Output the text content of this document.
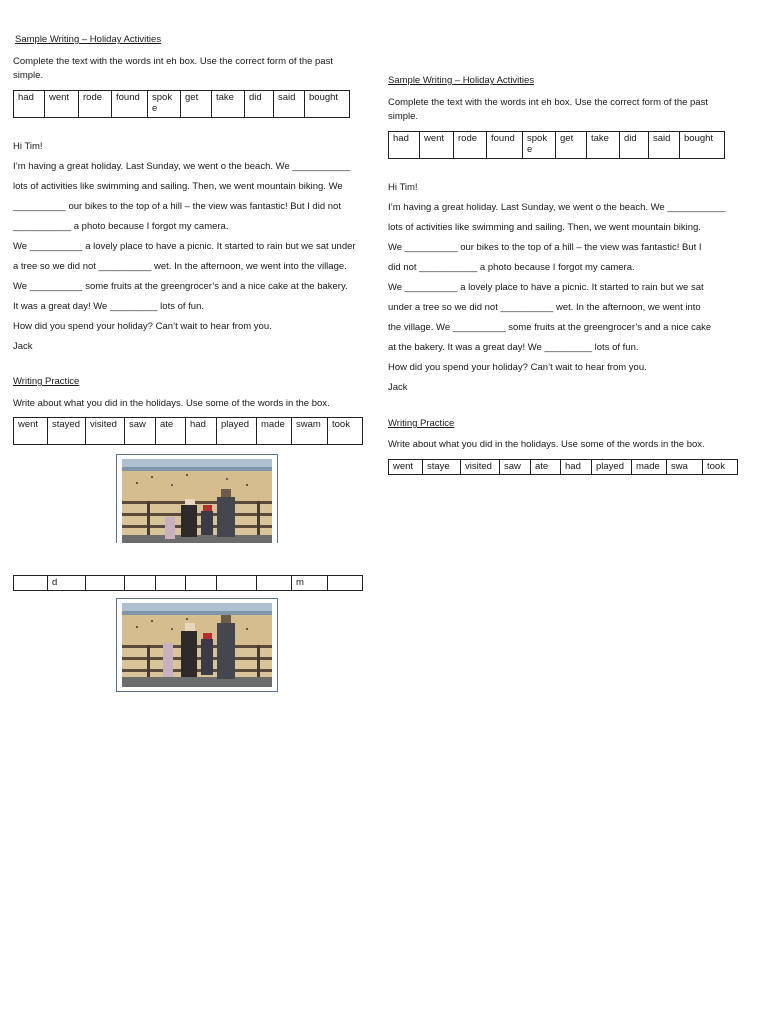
Sample Writing – Holiday Activities
Complete the text with the words int eh box. Use the correct form of the past
simple.
had	went	rode	found	spoke	get	take	did	said	bought
Hi Tim!
I’m having a great holiday. Last Sunday, we went o the beach. We ___________
lots of activities like swimming and sailing. Then, we went mountain biking. We
__________ our bikes to the top of a hill – the view was fantastic! But I did not
___________ a photo because I forgot my camera.
We __________ a lovely place to have a picnic. It started to rain but we sat under
a tree so we did not __________ wet. In the afternoon, we went into the village.
We __________ some fruits at the greengrocer’s and a nice cake at the bakery.
It was a great day! We _________ lots of fun.
How did you spend your holiday? Can’t wait to hear from you.
Jack
Writing Practice
Write about what you did in the holidays. Use some of the words in the box.
went	stayed	visited	saw	ate	had	played	made	swam	took
	d							m	
Sample Writing – Holiday Activities
Complete the text with the words int eh box. Use the correct form of the past
simple.
had	went	rode	found	spoke	get	take	did	said	bought
Hi Tim!
I’m having a great holiday. Last Sunday, we went o the beach. We ___________
lots of activities like swimming and sailing. Then, we went mountain biking.
We __________ our bikes to the top of a hill – the view was fantastic! But I
did not ___________ a photo because I forgot my camera.
We __________ a lovely place to have a picnic. It started to rain but we sat
under a tree so we did not __________ wet. In the afternoon, we went into
the village. We __________ some fruits at the greengrocer’s and a nice cake
at the bakery. It was a great day! We _________ lots of fun.
How did you spend your holiday? Can’t wait to hear from you.
Jack
Writing Practice
Write about what you did in the holidays. Use some of the words in the box.
went	staye	visited	saw	ate	had	played	made	swa	took
